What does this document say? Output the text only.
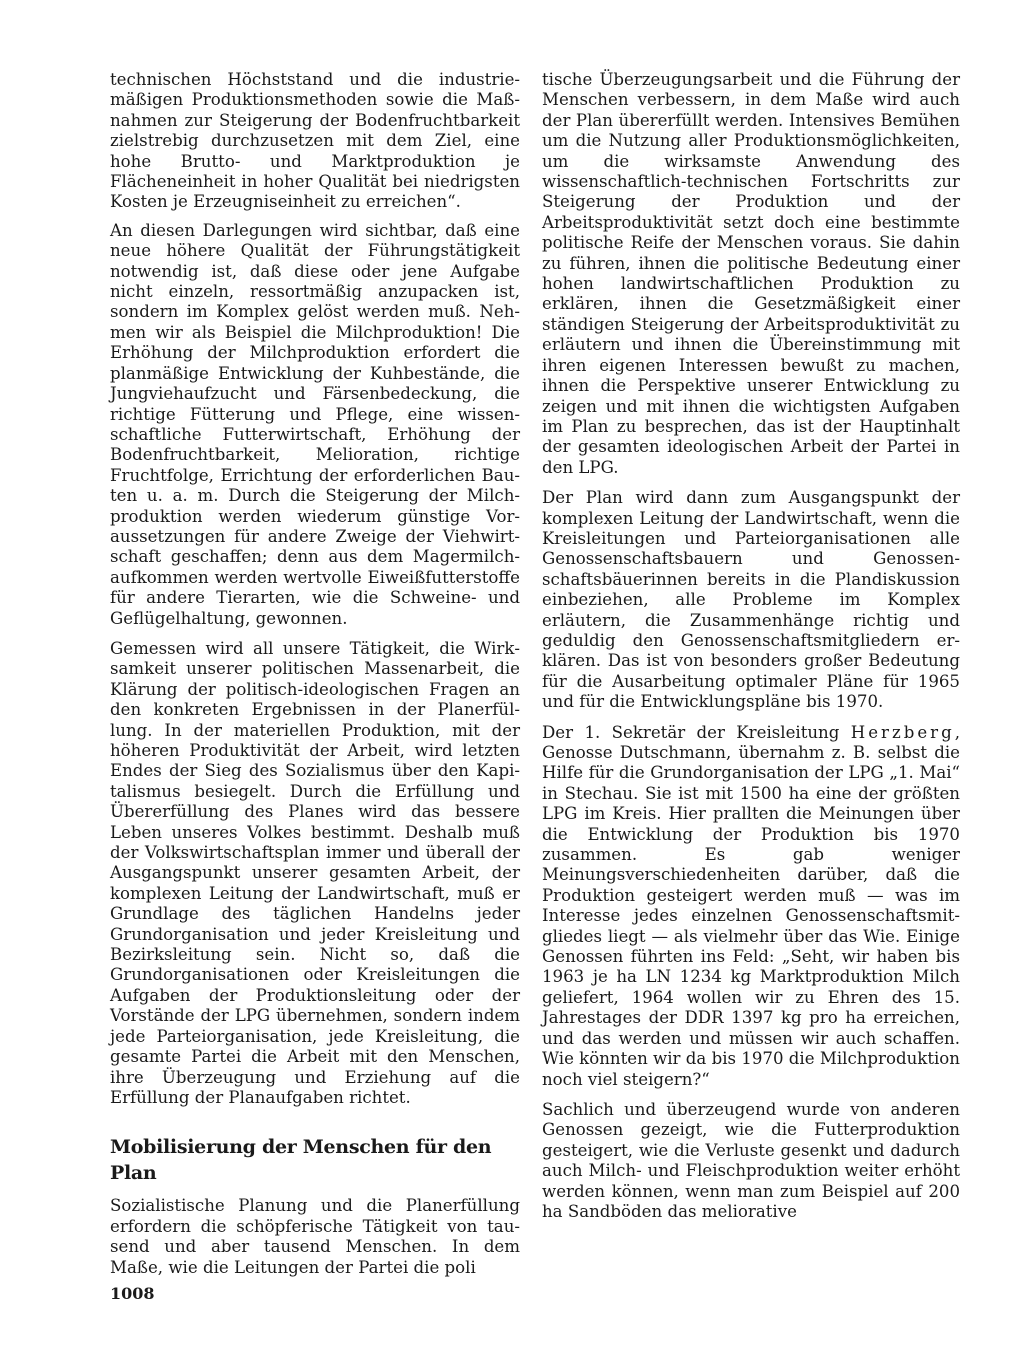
technischen Höchststand und die industriemäßigen Produktionsmethoden sowie die Maßnahmen zur Steigerung der Bodenfruchtbarkeit zielstrebig durchzusetzen mit dem Ziel, eine hohe Brutto- und Marktproduktion je Flächeneinheit in hoher Qualität bei niedrigsten Kosten je Erzeugniseinheit zu erreichen“.

An diesen Darlegungen wird sichtbar, daß eine neue höhere Qualität der Führungstätigkeit notwendig ist, daß diese oder jene Aufgabe nicht einzeln, ressortmäßig anzupacken ist, sondern im Komplex gelöst werden muß. Nehmen wir als Beispiel die Milchproduktion! Die Erhöhung der Milchproduktion erfordert die planmäßige Entwicklung der Kuhbestände, die Jungviehaufzucht und Färsenbedeckung, die richtige Fütterung und Pflege, eine wissenschaftliche Futterwirtschaft, Erhöhung der Bodenfruchtbarkeit, Melioration, richtige Fruchtfolge, Errichtung der erforderlichen Bauten u. a. m. Durch die Steigerung der Milchproduktion werden wiederum günstige Voraussetzungen für andere Zweige der Viehwirtschaft geschaffen; denn aus dem Magermilchaufkommen werden wertvolle Eiweißfutterstoffe für andere Tierarten, wie die Schweine- und Geflügelhaltung, gewonnen.

Gemessen wird all unsere Tätigkeit, die Wirksamkeit unserer politischen Massenarbeit, die Klärung der politisch-ideologischen Fragen an den konkreten Ergebnissen in der Planerfüllung. In der materiellen Produktion, mit der höheren Produktivität der Arbeit, wird letzten Endes der Sieg des Sozialismus über den Kapitalismus besiegelt. Durch die Erfüllung und Übererfüllung des Planes wird das bessere Leben unseres Volkes bestimmt. Deshalb muß der Volkswirtschaftsplan immer und überall der Ausgangspunkt unserer gesamten Arbeit, der komplexen Leitung der Landwirtschaft, muß er Grundlage des täglichen Handelns jeder Grundorganisation und jeder Kreisleitung und Bezirksleitung sein. Nicht so, daß die Grundorganisationen oder Kreisleitungen die Aufgaben der Produktionsleitung oder der Vorstände der LPG übernehmen, sondern indem jede Parteiorganisation, jede Kreisleitung, die gesamte Partei die Arbeit mit den Menschen, ihre Überzeugung und Erziehung auf die Erfüllung der Planaufgaben richtet.

Mobilisierung der Menschen für den Plan

Sozialistische Planung und die Planerfüllung erfordern die schöpferische Tätigkeit von tausend und aber tausend Menschen. In dem Maße, wie die Leitungen der Partei die poli

tische Überzeugungsarbeit und die Führung der Menschen verbessern, in dem Maße wird auch der Plan übererfüllt werden. Intensives Bemühen um die Nutzung aller Produktionsmöglichkeiten, um die wirksamste Anwendung des wissenschaftlich-technischen Fortschritts zur Steigerung der Produktion und der Arbeitsproduktivität setzt doch eine bestimmte politische Reife der Menschen voraus. Sie dahin zu führen, ihnen die politische Bedeutung einer hohen landwirtschaftlichen Produktion zu erklären, ihnen die Gesetzmäßigkeit einer ständigen Steigerung der Arbeitsproduktivität zu erläutern und ihnen die Übereinstimmung mit ihren eigenen Interessen bewußt zu machen, ihnen die Perspektive unserer Entwicklung zu zeigen und mit ihnen die wichtigsten Aufgaben im Plan zu besprechen, das ist der Hauptinhalt der gesamten ideologischen Arbeit der Partei in den LPG.

Der Plan wird dann zum Ausgangspunkt der komplexen Leitung der Landwirtschaft, wenn die Kreisleitungen und Parteiorganisationen alle Genossenschaftsbauern und Genossenschaftsbäuerinnen bereits in die Plandiskussion einbeziehen, alle Probleme im Komplex erläutern, die Zusammenhänge richtig und geduldig den Genossenschaftsmitgliedern erklären. Das ist von besonders großer Bedeutung für die Ausarbeitung optimaler Pläne für 1965 und für die Entwicklungspläne bis 1970.

Der 1. Sekretär der Kreisleitung Herzberg, Genosse Dutschmann, übernahm z. B. selbst die Hilfe für die Grundorganisation der LPG „1. Mai“ in Stechau. Sie ist mit 1500 ha eine der größten LPG im Kreis. Hier prallten die Meinungen über die Entwicklung der Produktion bis 1970 zusammen. Es gab weniger Meinungsverschiedenheiten darüber, daß die Produktion gesteigert werden muß — was im Interesse jedes einzelnen Genossenschaftsmitgliedes liegt — als vielmehr über das Wie. Einige Genossen führten ins Feld: „Seht, wir haben bis 1963 je ha LN 1234 kg Marktproduktion Milch geliefert, 1964 wollen wir zu Ehren des 15. Jahrestages der DDR 1397 kg pro ha erreichen, und das werden und müssen wir auch schaffen. Wie könnten wir da bis 1970 die Milchproduktion noch viel steigern?“

Sachlich und überzeugend wurde von anderen Genossen gezeigt, wie die Futterproduktion gesteigert, wie die Verluste gesenkt und dadurch auch Milch- und Fleischproduktion weiter erhöht werden können, wenn man zum Beispiel auf 200 ha Sandböden das meliorative

1008
